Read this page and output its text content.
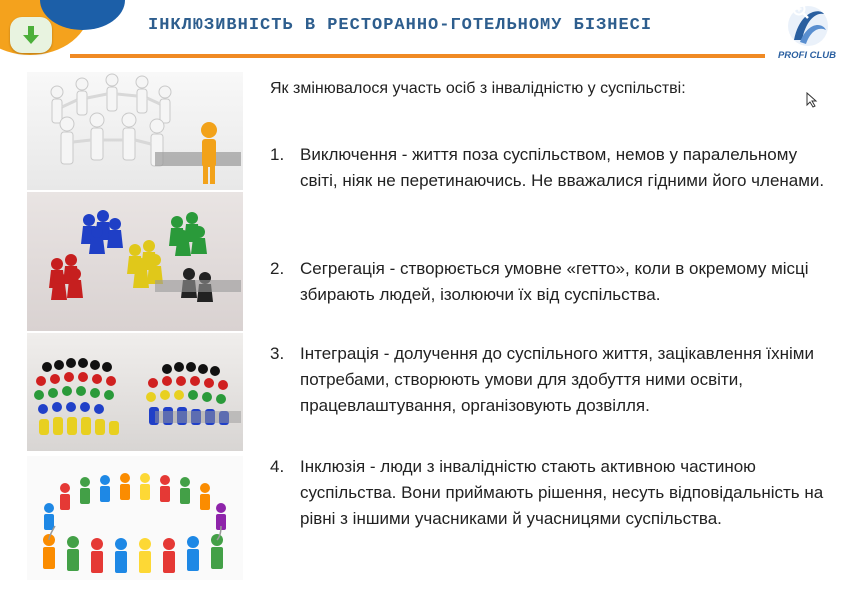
ІНКЛЮЗИВНІСТЬ В РЕСТОРАННО-ГОТЕЛЬНОМУ БІЗНЕСІ
PROFI CLUB
Як змінювалося участь осіб з інвалідністю у суспільстві:
1. Виключення - життя поза суспільством, немов у паралельному світі, ніяк не перетинаючись. Не вважалися гідними його членами.
2. Сегрегація - створюється умовне «гетто», коли в окремому місці збирають людей, ізолюючи їх від суспільства.
3. Інтеграція - долучення до суспільного життя, зацікавлення їхніми потребами, створюють умови для здобуття ними освіти, працевлаштування, організовують дозвілля.
4. Інклюзія - люди з інвалідністю стають активною частиною суспільства. Вони приймають рішення, несуть відповідальність на рівні з іншими учасниками й учасницями суспільства.
